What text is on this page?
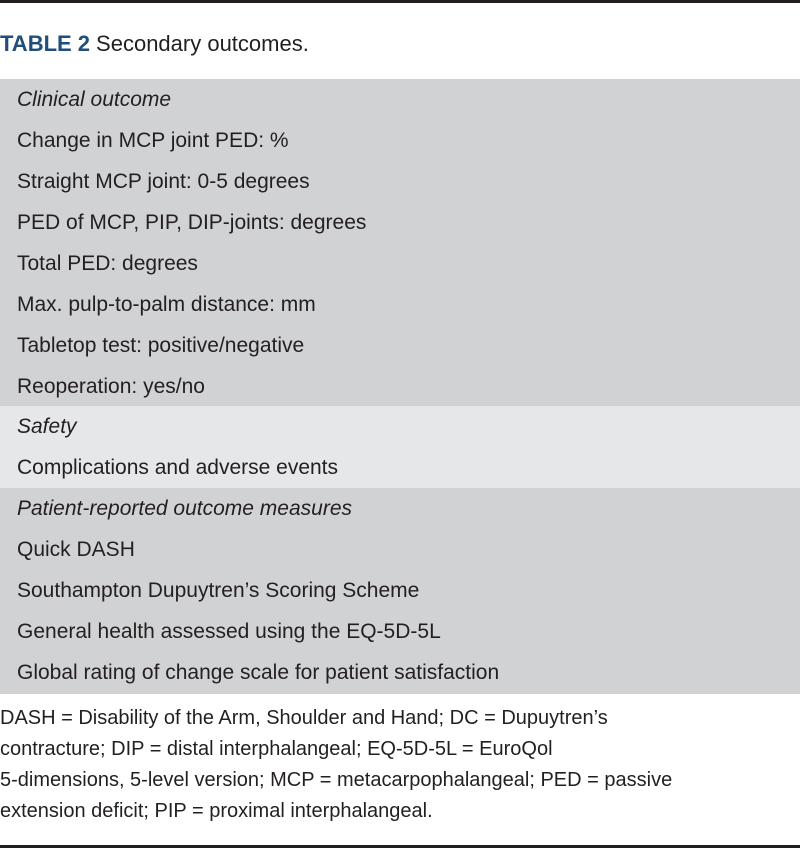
TABLE 2 Secondary outcomes.
Clinical outcome
Change in MCP joint PED: %
Straight MCP joint: 0-5 degrees
PED of MCP, PIP, DIP-joints: degrees
Total PED: degrees
Max. pulp-to-palm distance: mm
Tabletop test: positive/negative
Reoperation: yes/no
Safety
Complications and adverse events
Patient-reported outcome measures
Quick DASH
Southampton Dupuytren’s Scoring Scheme
General health assessed using the EQ-5D-5L
Global rating of change scale for patient satisfaction
DASH = Disability of the Arm, Shoulder and Hand; DC = Dupuytren’s
contracture; DIP = distal interphalangeal; EQ-5D-5L = EuroQol
5-dimensions, 5-level version; MCP = metacarpophalangeal; PED = passive
extension deficit; PIP = proximal interphalangeal.
